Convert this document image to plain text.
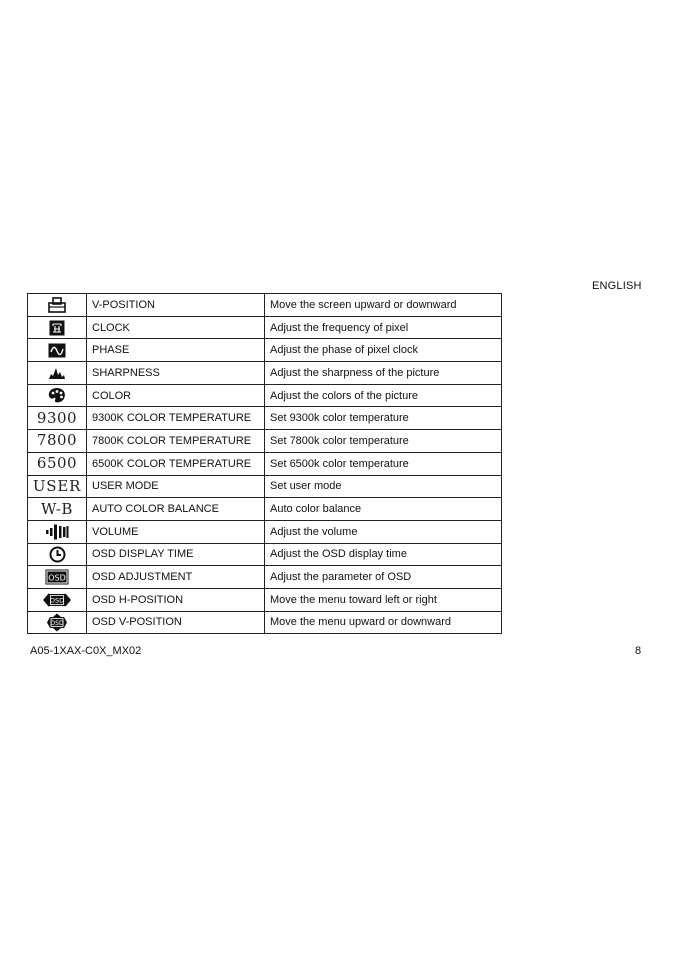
ENGLISH
	V-POSITION	Move the screen upward or downward

	CLOCK	Adjust the frequency of pixel

	PHASE	Adjust the phase of pixel clock

	SHARPNESS	Adjust the sharpness of the picture

	COLOR	Adjust the colors of the picture
9300	9300K COLOR TEMPERATURE	Set 9300k color temperature
7800	7800K COLOR TEMPERATURE	Set 7800k color temperature
6500	6500K COLOR TEMPERATURE	Set 6500k color temperature
USER	USER MODE	Set user mode
W-B	AUTO COLOR BALANCE	Auto color balance

	VOLUME	Adjust the volume

	OSD DISPLAY TIME	Adjust the OSD display time

OSD	OSD ADJUSTMENT	Adjust the parameter of OSD

OSD	OSD H-POSITION	Move the menu toward left or right

OSD	OSD V-POSITION	Move the menu upward or downward
A05-1XAX-C0X_MX02	8
